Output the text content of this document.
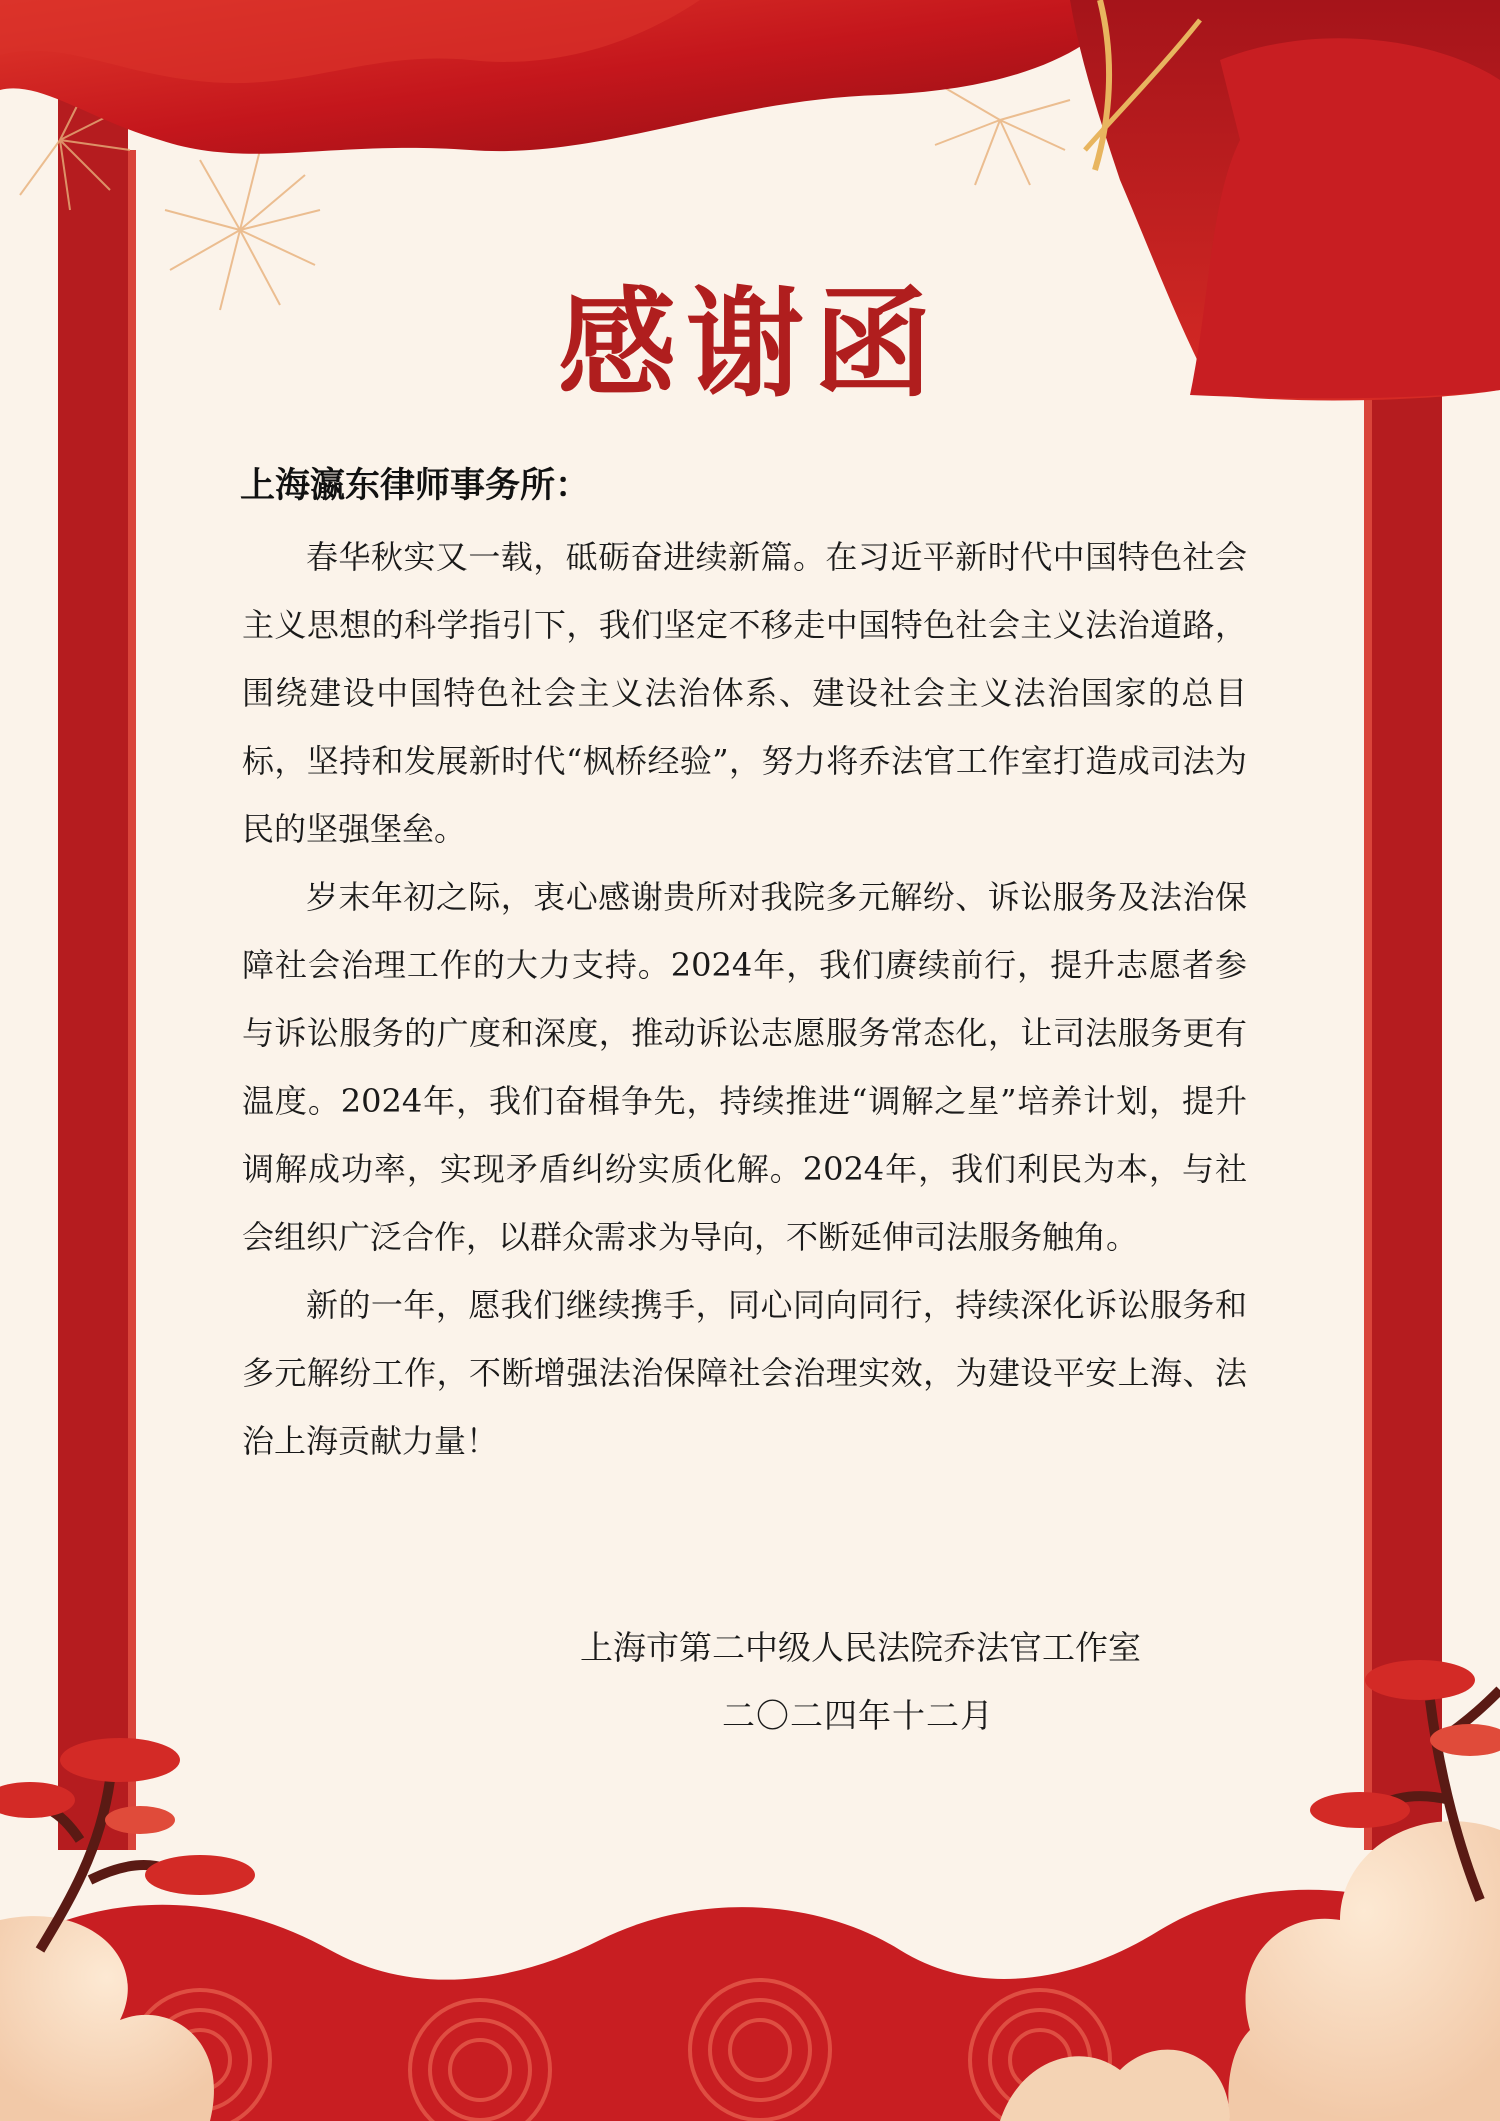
感谢函
上海瀛东律师事务所：

春华秋实又一载，砥砺奋进续新篇。在习近平新时代中国特色社会主义思想的科学指引下，我们坚定不移走中国特色社会主义法治道路，围绕建设中国特色社会主义法治体系、建设社会主义法治国家的总目标，坚持和发展新时代“枫桥经验”，努力将乔法官工作室打造成司法为民的坚强堡垒。

岁末年初之际，衷心感谢贵所对我院多元解纷、诉讼服务及法治保障社会治理工作的大力支持。2024年，我们赓续前行，提升志愿者参与诉讼服务的广度和深度，推动诉讼志愿服务常态化，让司法服务更有温度。2024年，我们奋楫争先，持续推进“调解之星”培养计划，提升调解成功率，实现矛盾纠纷实质化解。2024年，我们利民为本，与社会组织广泛合作，以群众需求为导向，不断延伸司法服务触角。

新的一年，愿我们继续携手，同心同向同行，持续深化诉讼服务和多元解纷工作，不断增强法治保障社会治理实效，为建设平安上海、法治上海贡献力量！

上海市第二中级人民法院乔法官工作室
二〇二四年十二月
